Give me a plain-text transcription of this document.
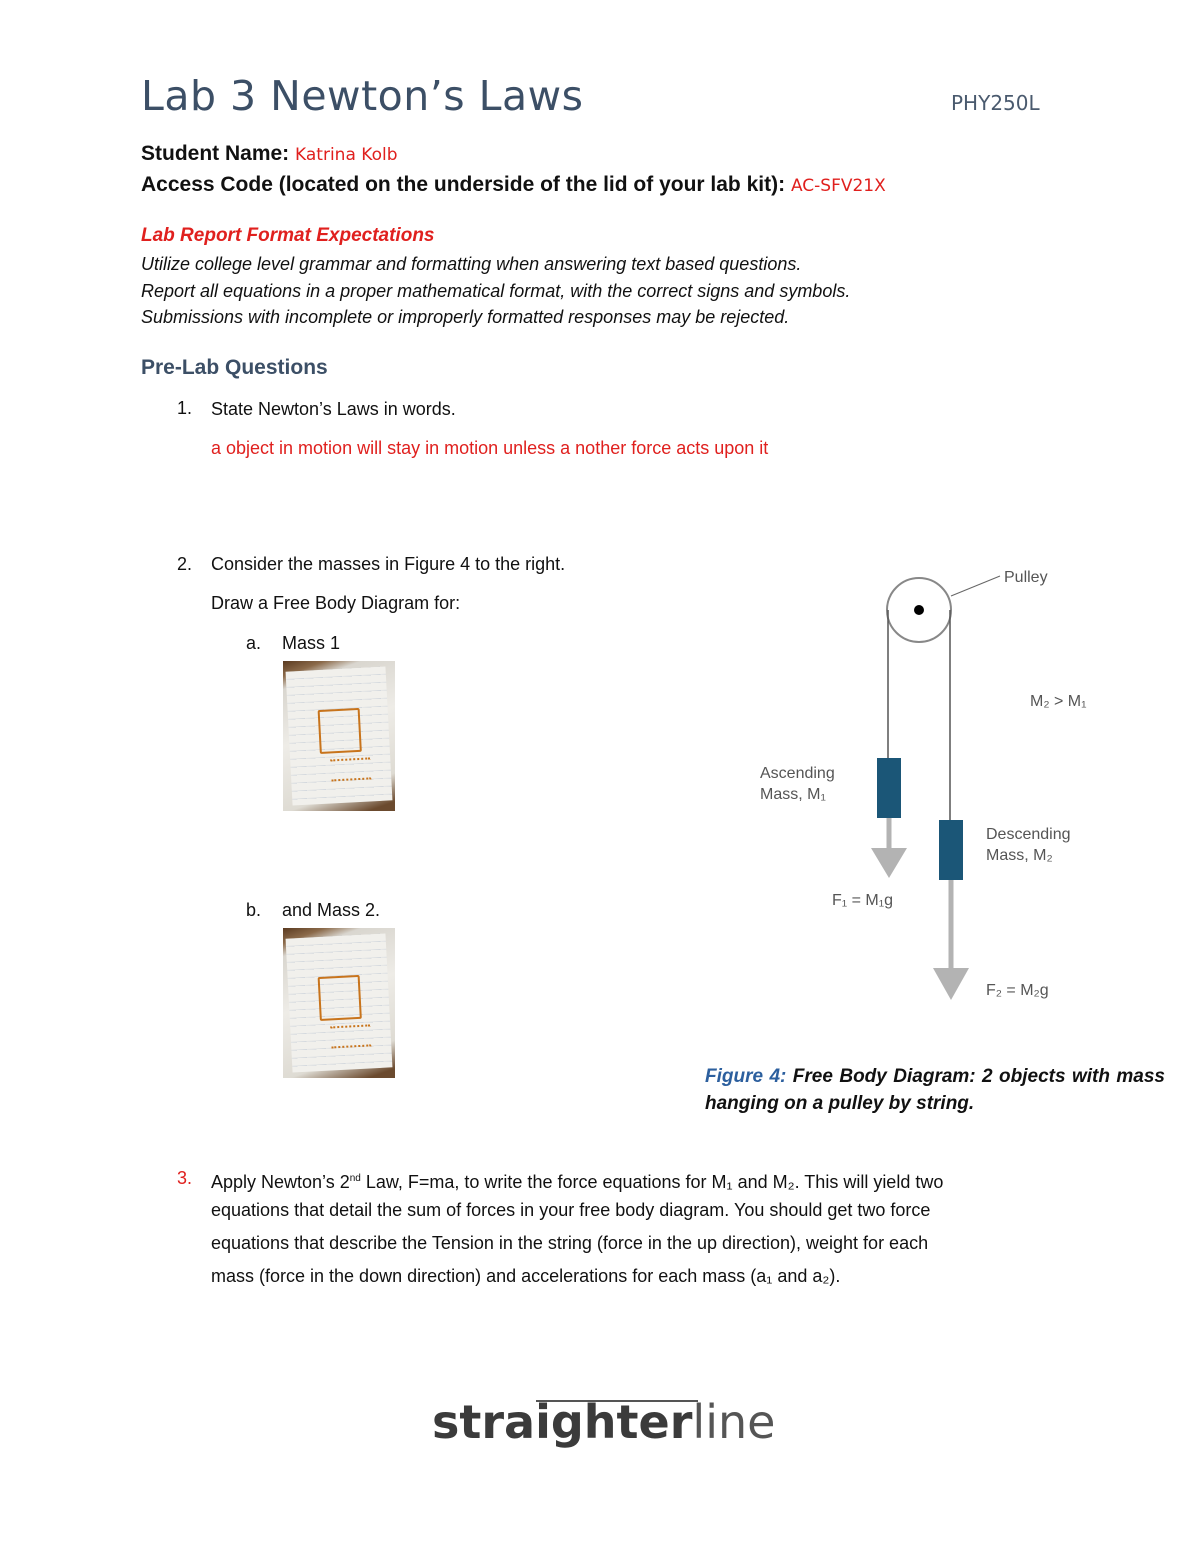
Lab 3 Newton’s Laws	PHY250L
Student Name: Katrina Kolb
Access Code (located on the underside of the lid of your lab kit): AC-SFV21X
Lab Report Format Expectations
Utilize college level grammar and formatting when answering text based questions.
Report all equations in a proper mathematical format, with the correct signs and symbols.
Submissions with incomplete or improperly formatted responses may be rejected.
Pre-Lab Questions
1. State Newton’s Laws in words.
a object in motion will stay in motion unless a nother force acts upon it
2. Consider the masses in Figure 4 to the right.
Draw a Free Body Diagram for:
a. Mass 1
b. and Mass 2.
Pulley
M₂ > M₁
Ascending
Mass, M₁
F₁ = M₁g
Descending
Mass, M₂
F₂ = M₂g
Figure 4: Free Body Diagram: 2 objects with mass hanging on a pulley by string.
3. Apply Newton’s 2nd Law, F=ma, to write the force equations for M₁ and M₂. This will yield two
equations that detail the sum of forces in your free body diagram. You should get two force
equations that describe the Tension in the string (force in the up direction), weight for each
mass (force in the down direction) and accelerations for each mass (a₁ and a₂).
straighterline
